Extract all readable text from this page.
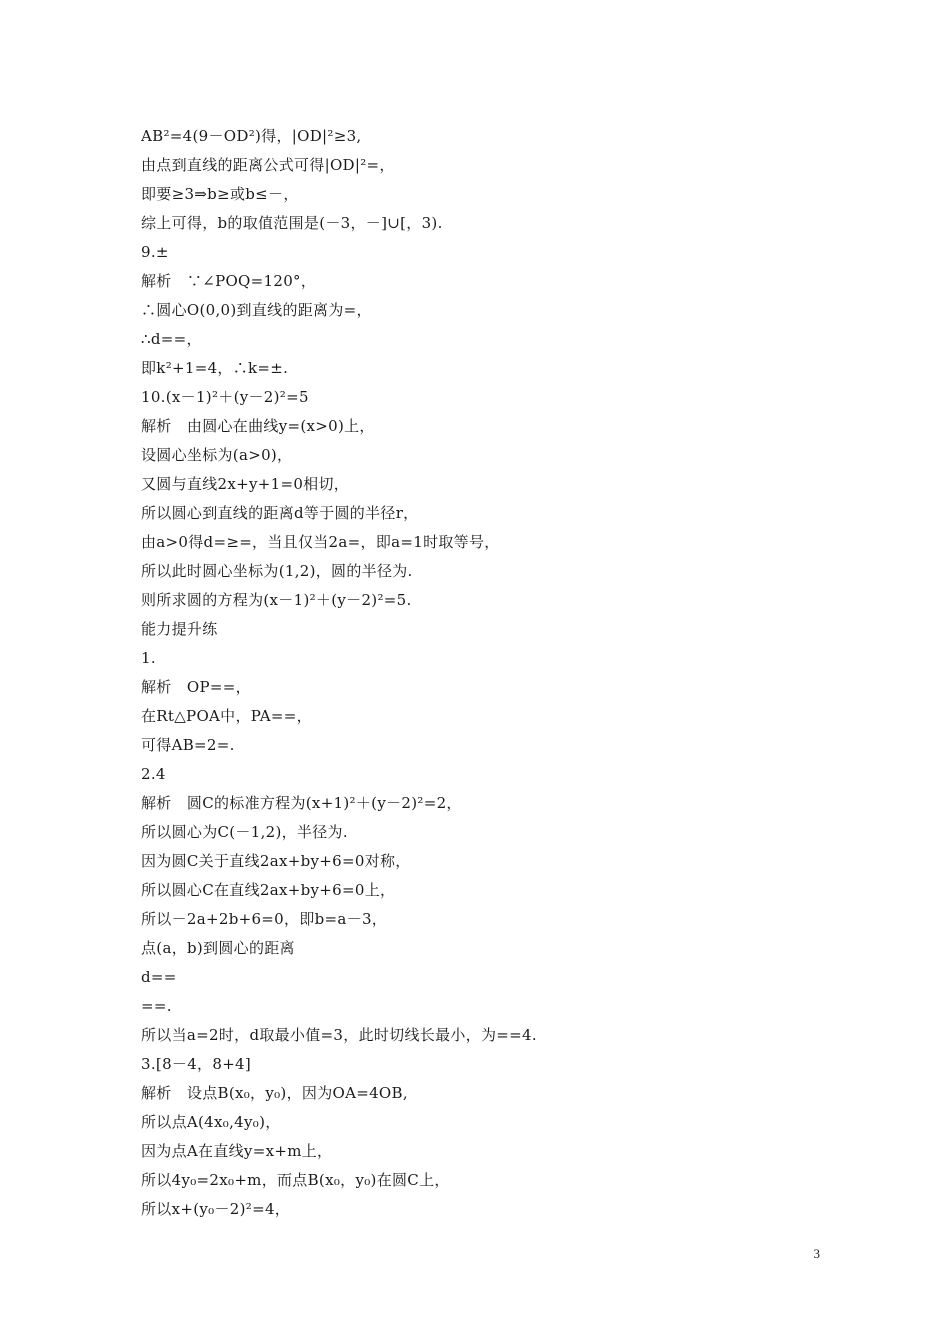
AB²=4(9－OD²)得，|OD|²≥3,
由点到直线的距离公式可得|OD|²=，
即要≥3⇒b≥或b≤－，
综上可得，b的取值范围是(－3，－]∪[，3).
9.±
解析　∵∠POQ=120°，
∴圆心O(0,0)到直线的距离为=，
∴d==，
即k²+1=4，∴k=±.
10.(x－1)²＋(y－2)²=5
解析　由圆心在曲线y=(x>0)上，
设圆心坐标为(a>0)，
又圆与直线2x+y+1=0相切，
所以圆心到直线的距离d等于圆的半径r，
由a>0得d=≥=，当且仅当2a=，即a=1时取等号，
所以此时圆心坐标为(1,2)，圆的半径为.
则所求圆的方程为(x－1)²＋(y－2)²=5.
能力提升练
1.
解析　OP==，
在Rt△POA中，PA==，
可得AB=2=.
2.4
解析　圆C的标准方程为(x+1)²＋(y－2)²=2，
所以圆心为C(－1,2)，半径为.
因为圆C关于直线2ax+by+6=0对称，
所以圆心C在直线2ax+by+6=0上，
所以－2a+2b+6=0，即b=a－3，
点(a，b)到圆心的距离
d==
==.
所以当a=2时，d取最小值=3，此时切线长最小，为==4.
3.[8－4，8+4]
解析　设点B(x₀，y₀)，因为OA=4OB,
所以点A(4x₀,4y₀)，
因为点A在直线y=x+m上，
所以4y₀=2x₀+m，而点B(x₀，y₀)在圆C上，
所以x+(y₀－2)²=4，
3
